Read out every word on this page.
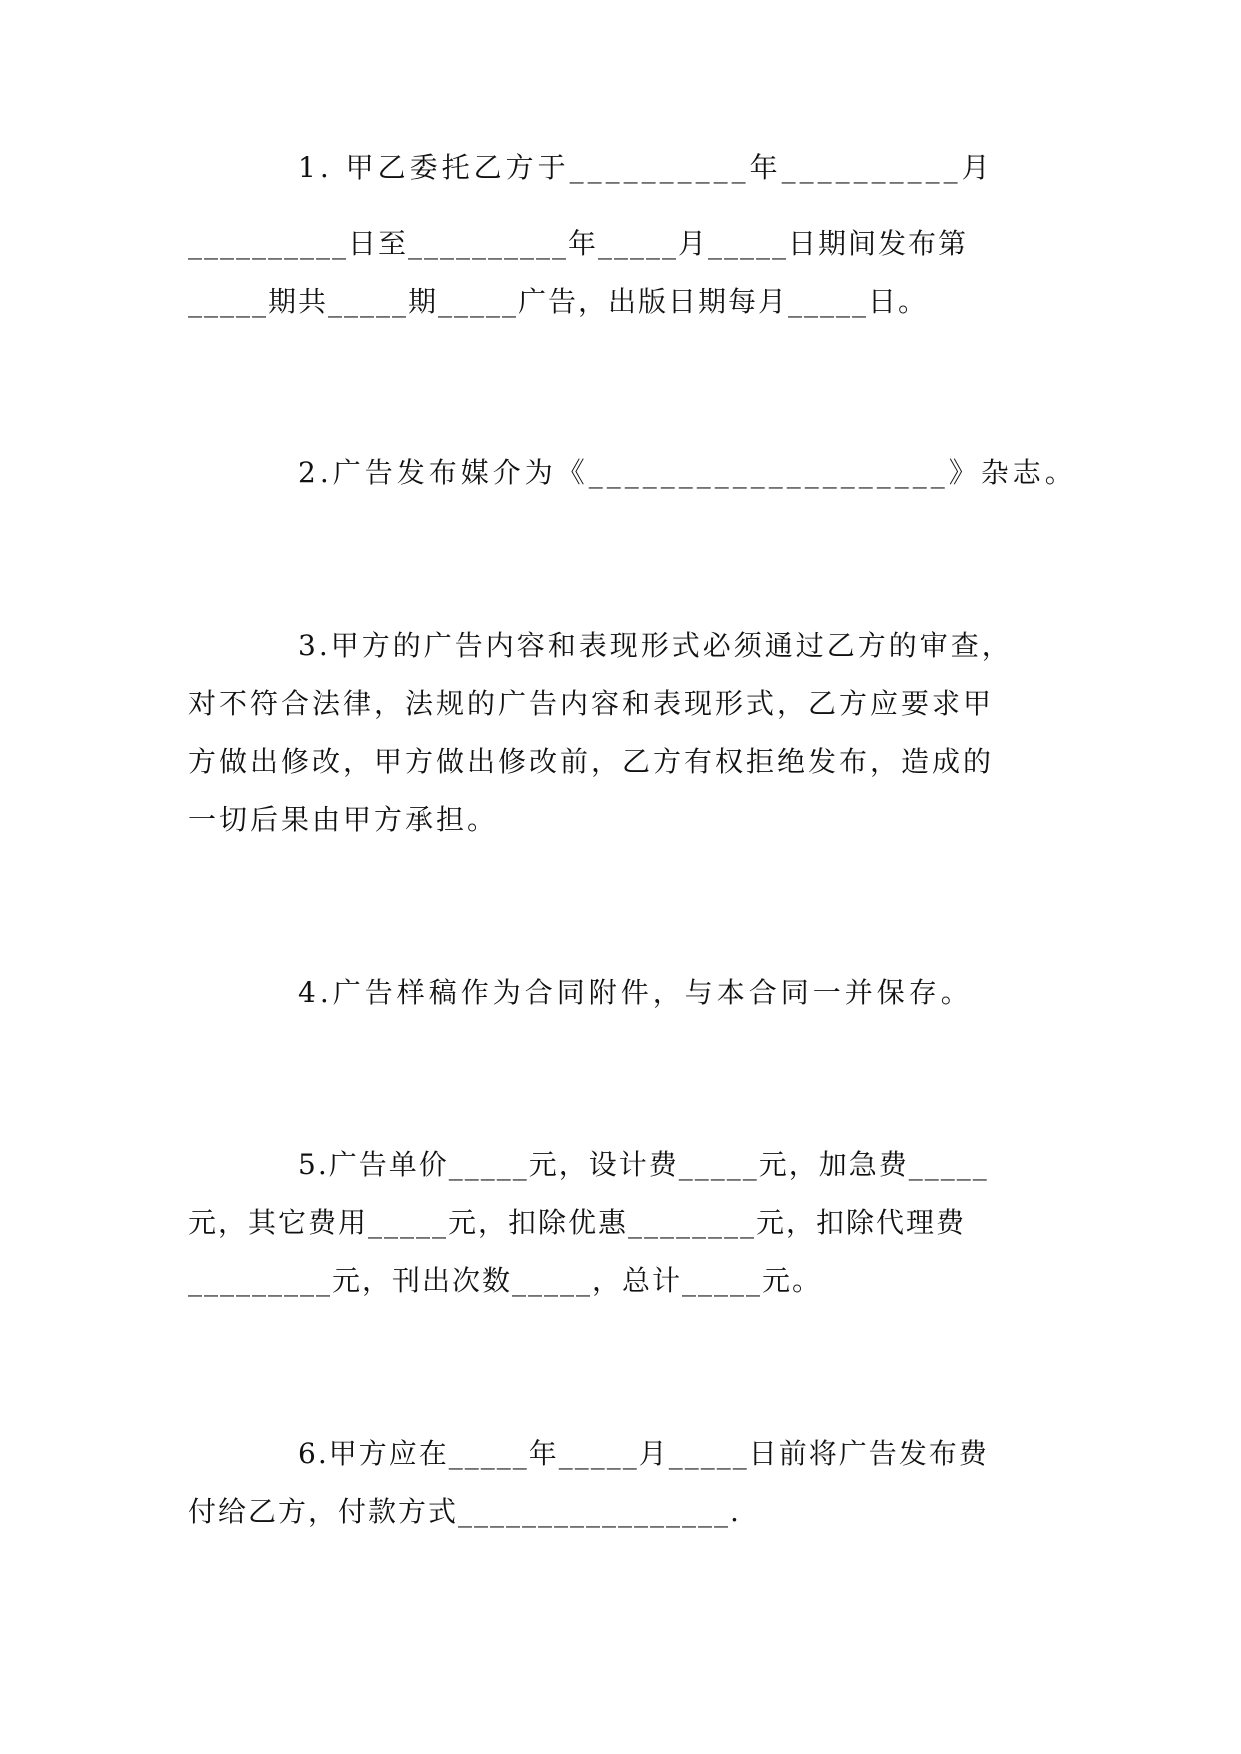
1. 甲乙委托乙方于__________年__________月
__________日至__________年_____月_____日期间发布第
_____期共_____期_____广告，出版日期每月_____日。
2.广告发布媒介为《____________________》杂志。
3.甲方的广告内容和表现形式必须通过乙方的审查，
对不符合法律，法规的广告内容和表现形式，乙方应要求甲
方做出修改，甲方做出修改前，乙方有权拒绝发布，造成的
一切后果由甲方承担。
4.广告样稿作为合同附件，与本合同一并保存。
5.广告单价_____元，设计费_____元，加急费_____
元，其它费用_____元，扣除优惠________元，扣除代理费
_________元，刊出次数_____，总计_____元。
6.甲方应在_____年_____月_____日前将广告发布费
付给乙方，付款方式_________________.
